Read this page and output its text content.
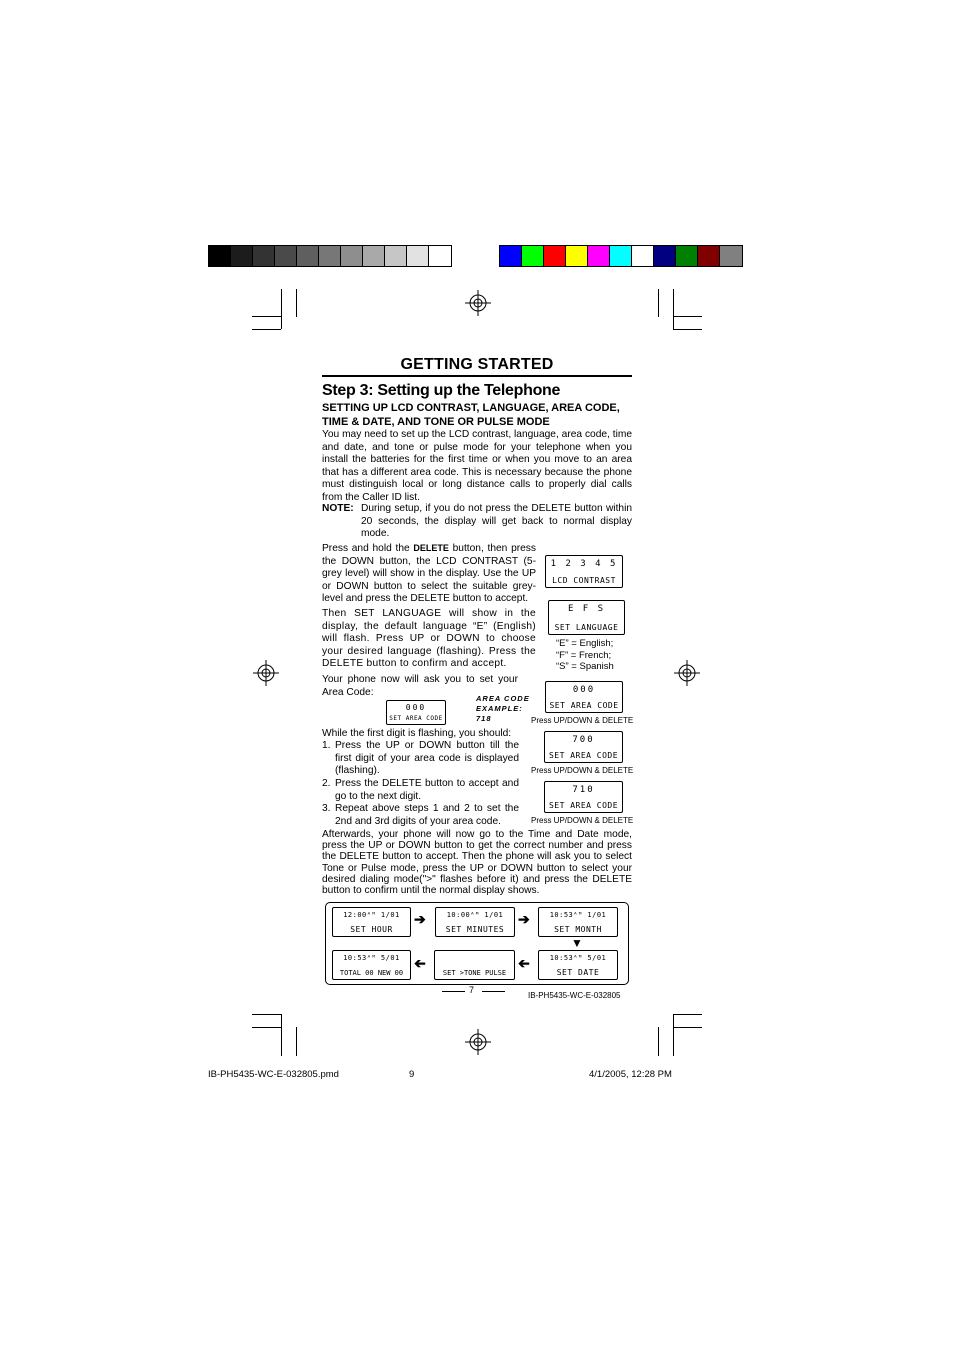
GETTING STARTED
Step 3: Setting up the Telephone
SETTING UP LCD CONTRAST, LANGUAGE, AREA CODE, TIME & DATE, AND TONE OR PULSE MODE
You may need to set up the LCD contrast, language, area code, time and date, and tone or pulse mode for your telephone when you install the batteries for the first time or when you move to an area that has a different area code. This is necessary because the phone must distinguish local or long distance calls to properly dial calls from the Caller ID list.
NOTE: During setup, if you do not press the DELETE button within 20 seconds, the display will get back to normal display mode.
Press and hold the DELETE button, then press the DOWN button, the LCD CONTRAST (5-grey level) will show in the display. Use the UP or DOWN button to select the suitable grey-level and press the DELETE button to accept.
1 2 3 4 5
LCD CONTRAST
Then SET LANGUAGE will show in the display, the default language “E” (English) will flash. Press UP or DOWN to choose your desired language (flashing). Press the DELETE button to confirm and accept.
E F S
SET LANGUAGE
“E” = English;
“F” = French;
“S” = Spanish
Your phone now will ask you to set your Area Code:
AREA CODE
EXAMPLE:
718
000
SET AREA CODE
000
SET AREA CODE
Press UP/DOWN & DELETE
700
SET AREA CODE
Press UP/DOWN & DELETE
710
SET AREA CODE
Press UP/DOWN & DELETE
While the first digit is flashing, you should:
1. Press the UP or DOWN button till the first digit of your area code is displayed (flashing).
2. Press the DELETE button to accept and go to the next digit.
3. Repeat above steps 1 and 2 to set the 2nd and 3rd digits of your area code.
Afterwards, your phone will now go to the Time and Date mode, press the UP or DOWN button to get the correct number and press the DELETE button to accept. Then the phone will ask you to select Tone or Pulse mode, press the UP or DOWN button to select your desired dialing mode(">" flashes before it) and press the DELETE button to confirm until the normal display shows.
12:00ᴬᴹ 1/01
SET HOUR
➔	10:00ᴬᴹ 1/01
SET MINUTES
➔	10:53ᴬᴹ 1/01
SET MONTH
▼
10:53ᴬᴹ 5/01
SET DATE
➔
SET >TONE PULSE
➔
10:53ᴬᴹ 5/01
TOTAL 00 NEW 00
7
IB-PH5435-WC-E-032805
IB-PH5435-WC-E-032805.pmd	9	4/1/2005, 12:28 PM
